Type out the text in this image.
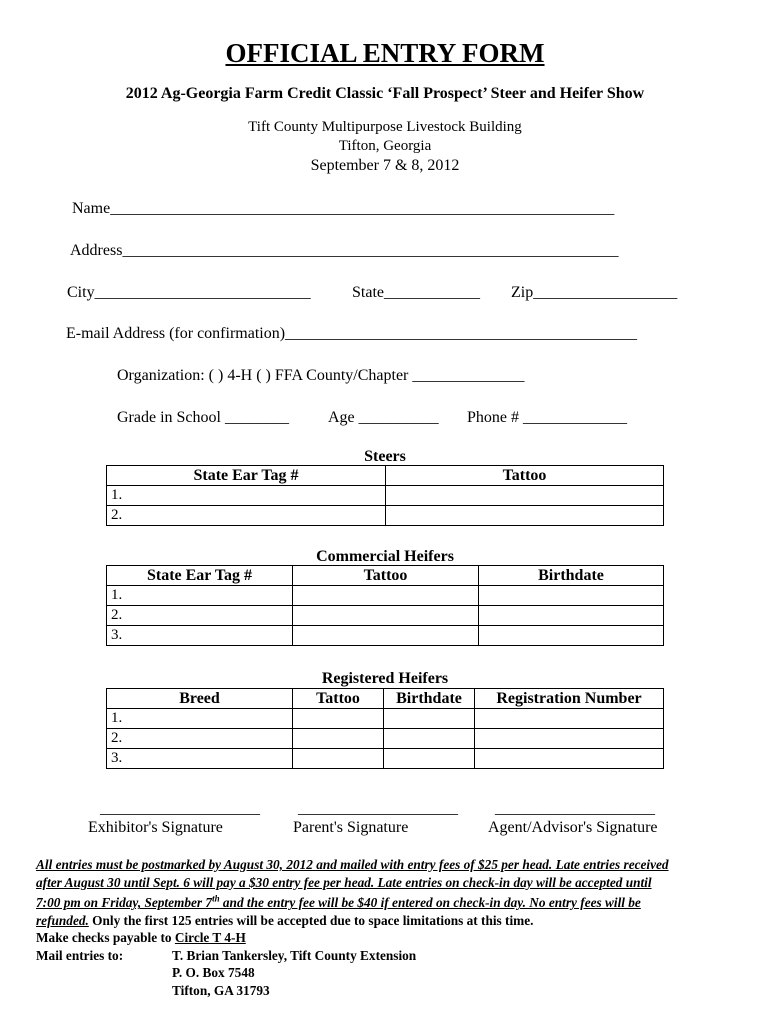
OFFICIAL ENTRY FORM
2012 Ag-Georgia Farm Credit Classic ‘Fall Prospect’ Steer and Heifer Show
Tift County Multipurpose Livestock Building
Tifton, Georgia
September 7 & 8, 2012
Name_______________________________________________________________
Address______________________________________________________________
City___________________________	State____________ Zip__________________
E-mail Address (for confirmation)____________________________________________
Organization: ( ) 4-H ( ) FFA County/Chapter ______________
Grade in School ________ Age __________ Phone # _____________
Steers
State Ear Tag #	Tattoo
1.	
2.	
Commercial Heifers
State Ear Tag #	Tattoo	Birthdate
1.		
2.		
3.		
Registered Heifers
Breed	Tattoo	Birthdate	Registration Number
1.			
2.			
3.			
____________________ ____________________ ____________________
Exhibitor's Signature	Parent's Signature	Agent/Advisor's Signature
All entries must be postmarked by August 30, 2012 and mailed with entry fees of $25 per head. Late entries received
after August 30 until Sept. 6 will pay a $30 entry fee per head. Late entries on check-in day will be accepted until
7:00 pm on Friday, September 7th and the entry fee will be $40 if entered on check-in day. No entry fees will be
refunded. Only the first 125 entries will be accepted due to space limitations at this time.
Make checks payable to Circle T 4-H
Mail entries to:	T. Brian Tankersley, Tift County Extension
P. O. Box 7548
Tifton, GA 31793
